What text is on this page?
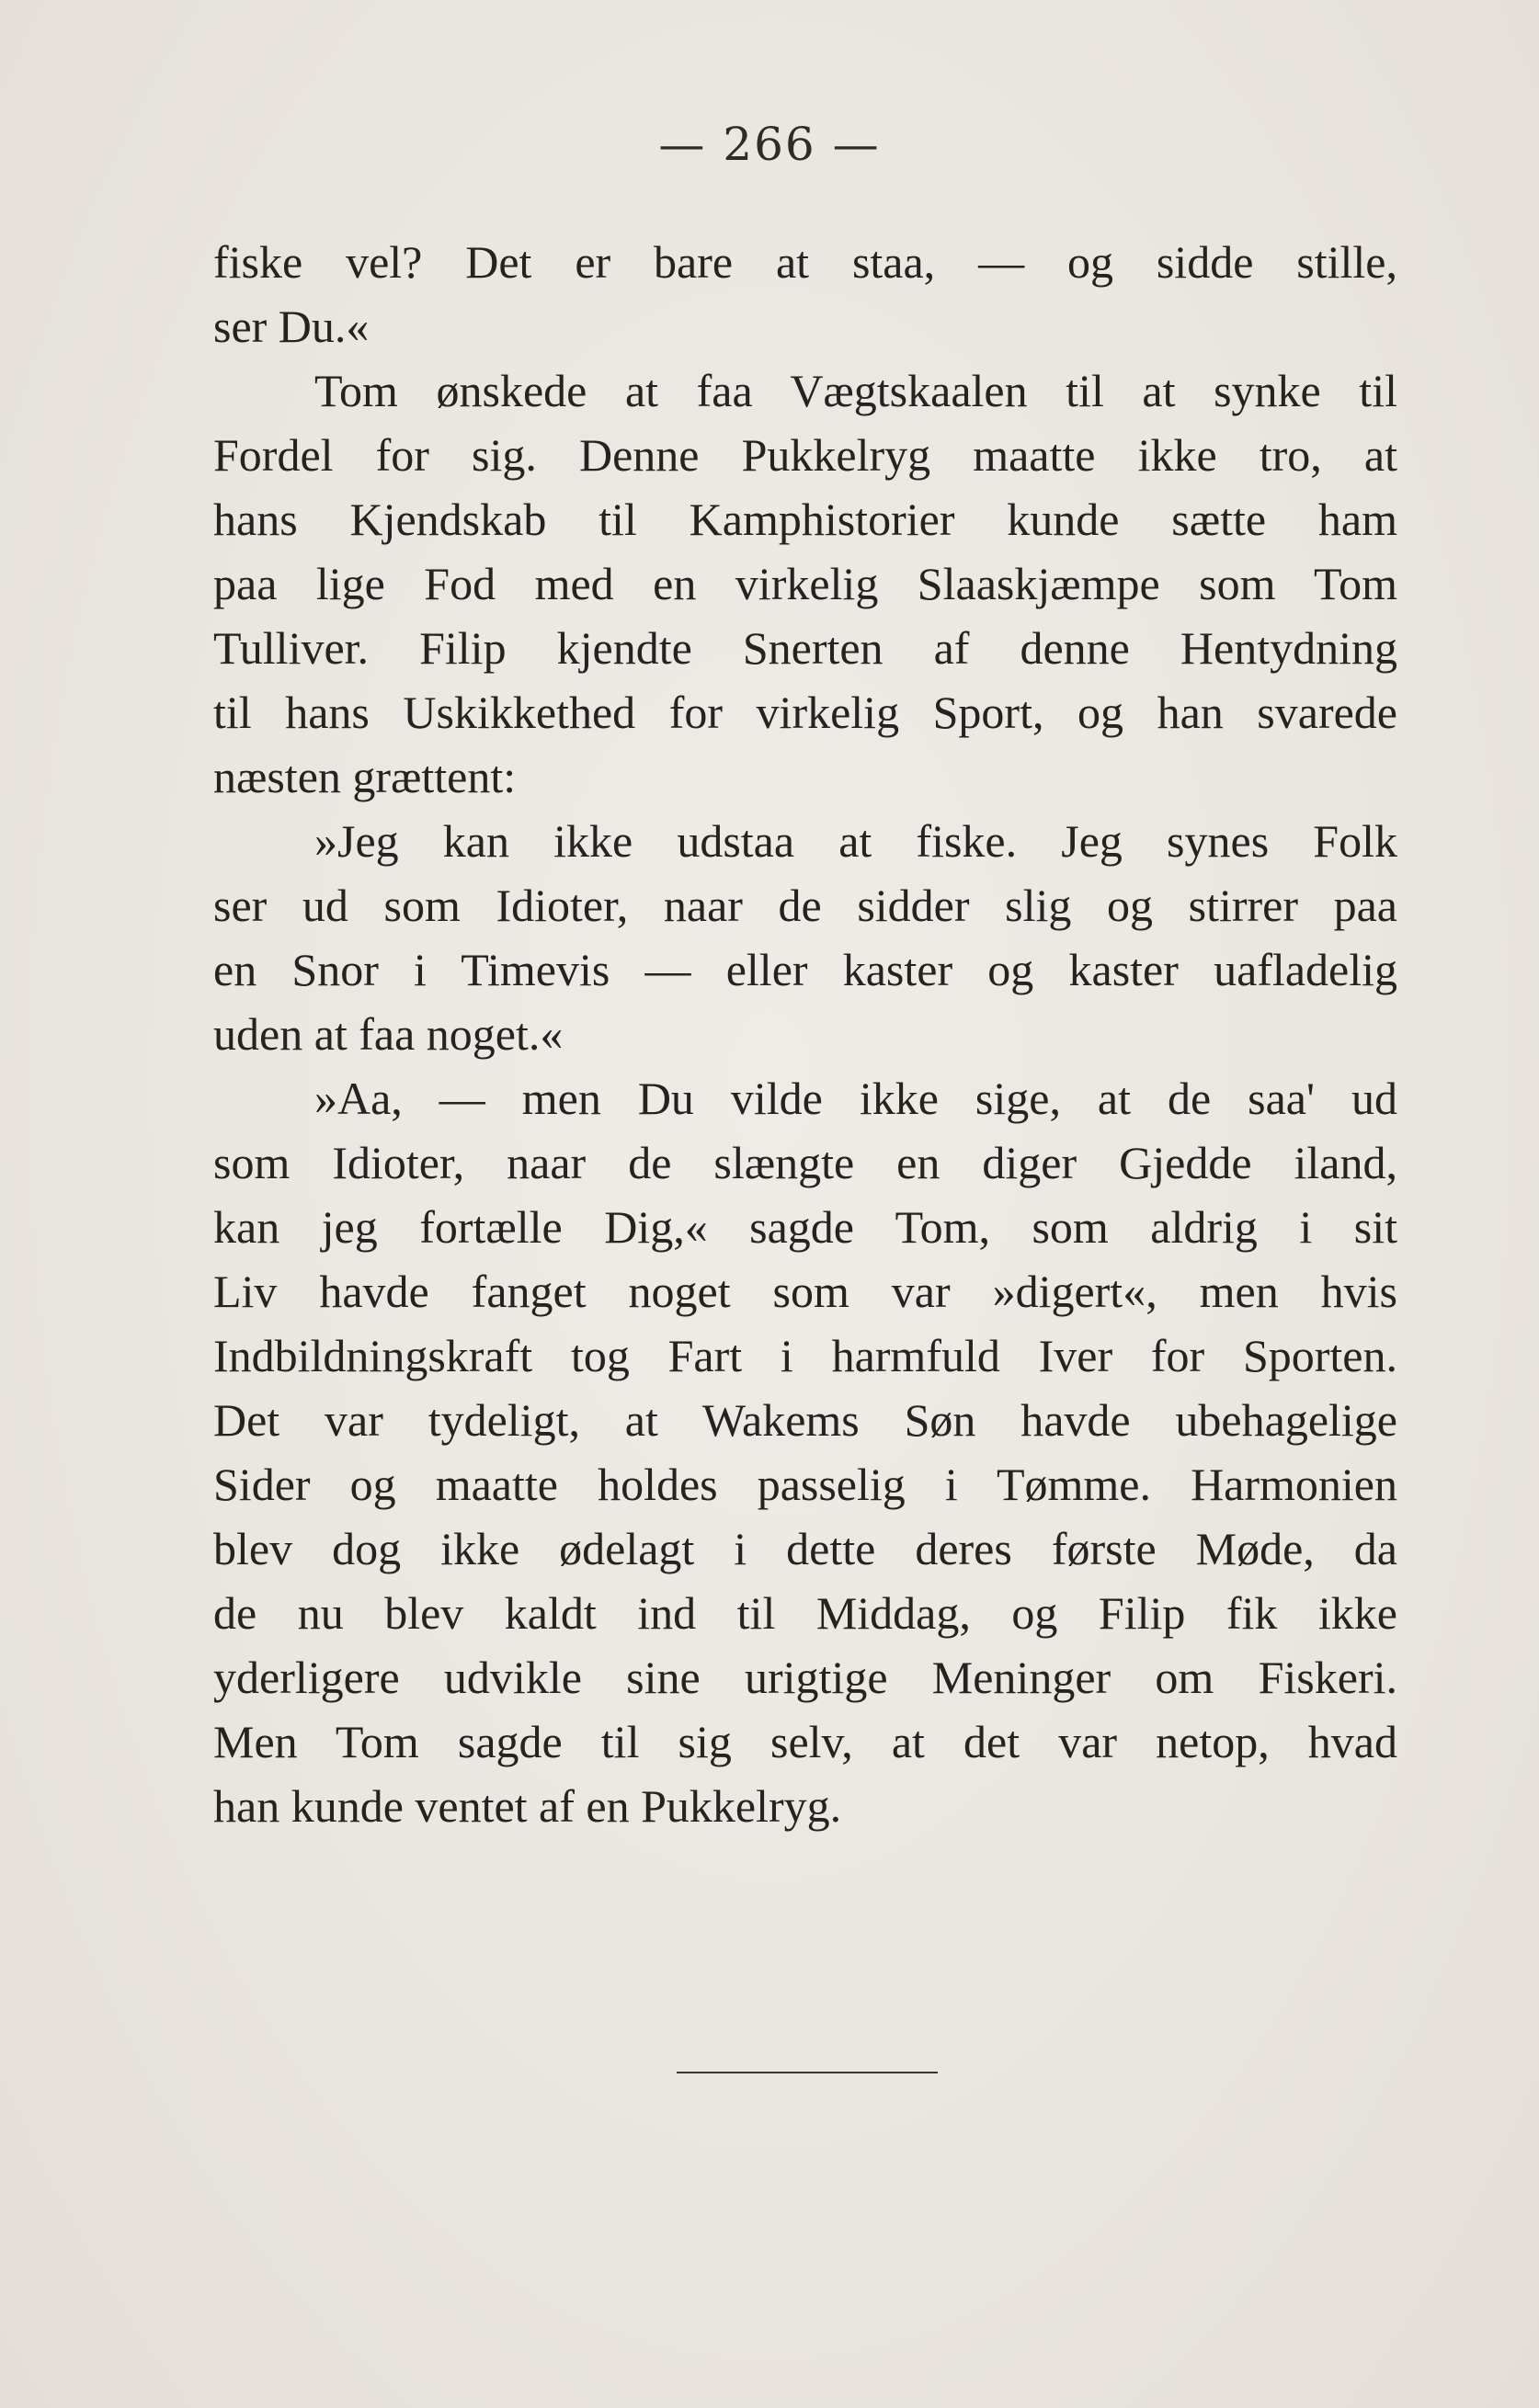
— 266 —
fiske vel? Det er bare at staa, — og sidde stille,
ser Du.«
Tom ønskede at faa Vægtskaalen til at synke til
Fordel for sig. Denne Pukkelryg maatte ikke tro, at
hans Kjendskab til Kamphistorier kunde sætte ham
paa lige Fod med en virkelig Slaaskjæmpe som Tom
Tulliver. Filip kjendte Snerten af denne Hentydning
til hans Uskikkethed for virkelig Sport, og han svarede
næsten grættent:
»Jeg kan ikke udstaa at fiske. Jeg synes Folk
ser ud som Idioter, naar de sidder slig og stirrer paa
en Snor i Timevis — eller kaster og kaster uafladelig
uden at faa noget.«
»Aa, — men Du vilde ikke sige, at de saa' ud
som Idioter, naar de slængte en diger Gjedde iland,
kan jeg fortælle Dig,« sagde Tom, som aldrig i sit
Liv havde fanget noget som var »digert«, men hvis
Indbildningskraft tog Fart i harmfuld Iver for Sporten.
Det var tydeligt, at Wakems Søn havde ubehagelige
Sider og maatte holdes passelig i Tømme. Harmonien
blev dog ikke ødelagt i dette deres første Møde, da
de nu blev kaldt ind til Middag, og Filip fik ikke
yderligere udvikle sine urigtige Meninger om Fiskeri.
Men Tom sagde til sig selv, at det var netop, hvad
han kunde ventet af en Pukkelryg.
